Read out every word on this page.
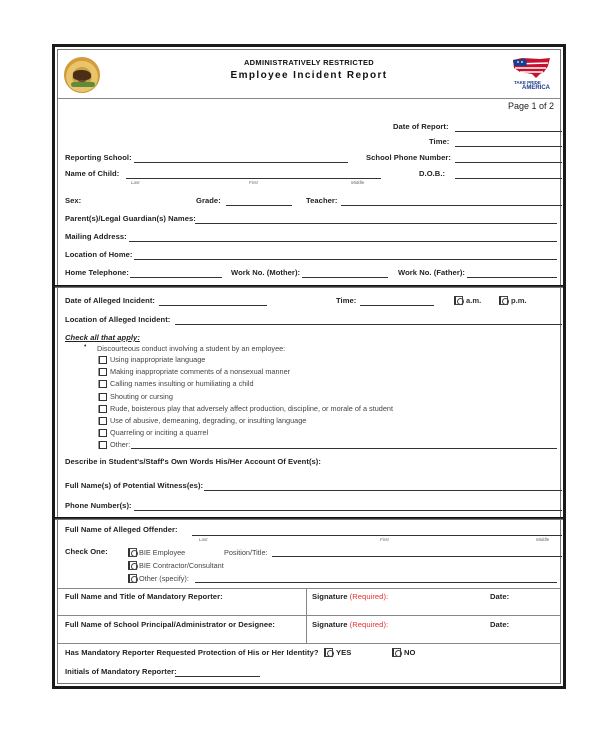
ADMINISTRATIVELY RESTRICTED
Employee Incident Report
TAKE PRIDE
AMERICA
Page 1 of 2
Date of Report:
Time:
Reporting School:	School Phone Number:
Name of Child:
Last	First	Middle
D.O.B.:
Sex:	Grade:	Teacher:
Parent(s)/Legal Guardian(s) Names:
Mailing Address:
Location of Home:
Home Telephone:	Work No. (Mother):	Work No. (Father):
Date of Alleged Incident:	Time:	a.m.	p.m.
Location of Alleged Incident:
Check all that apply:
• Discourteous conduct involving a student by an employee:
Using inappropriate language
Making inappropriate comments of a nonsexual manner
Calling names insulting or humiliating a child
Shouting or cursing
Rude, boisterous play that adversely affect production, discipline, or morale of a student
Use of abusive, demeaning, degrading, or insulting language
Quarreling or inciting a quarrel
Other:
Describe in Student's/Staff's Own Words His/Her Account Of Event(s):
Full Name(s) of Potential Witness(es):
Phone Number(s):
Full Name of Alleged Offender:
Last	First	Middle
Check One:	BIE Employee	Position/Title:
BIE Contractor/Consultant
Other (specify):
Full Name and Title of Mandatory Reporter:	Signature (Required):	Date:
Full Name of School Principal/Administrator or Designee:	Signature (Required):	Date:
Has Mandatory Reporter Requested Protection of His or Her Identity? YES	NO
Initials of Mandatory Reporter:
